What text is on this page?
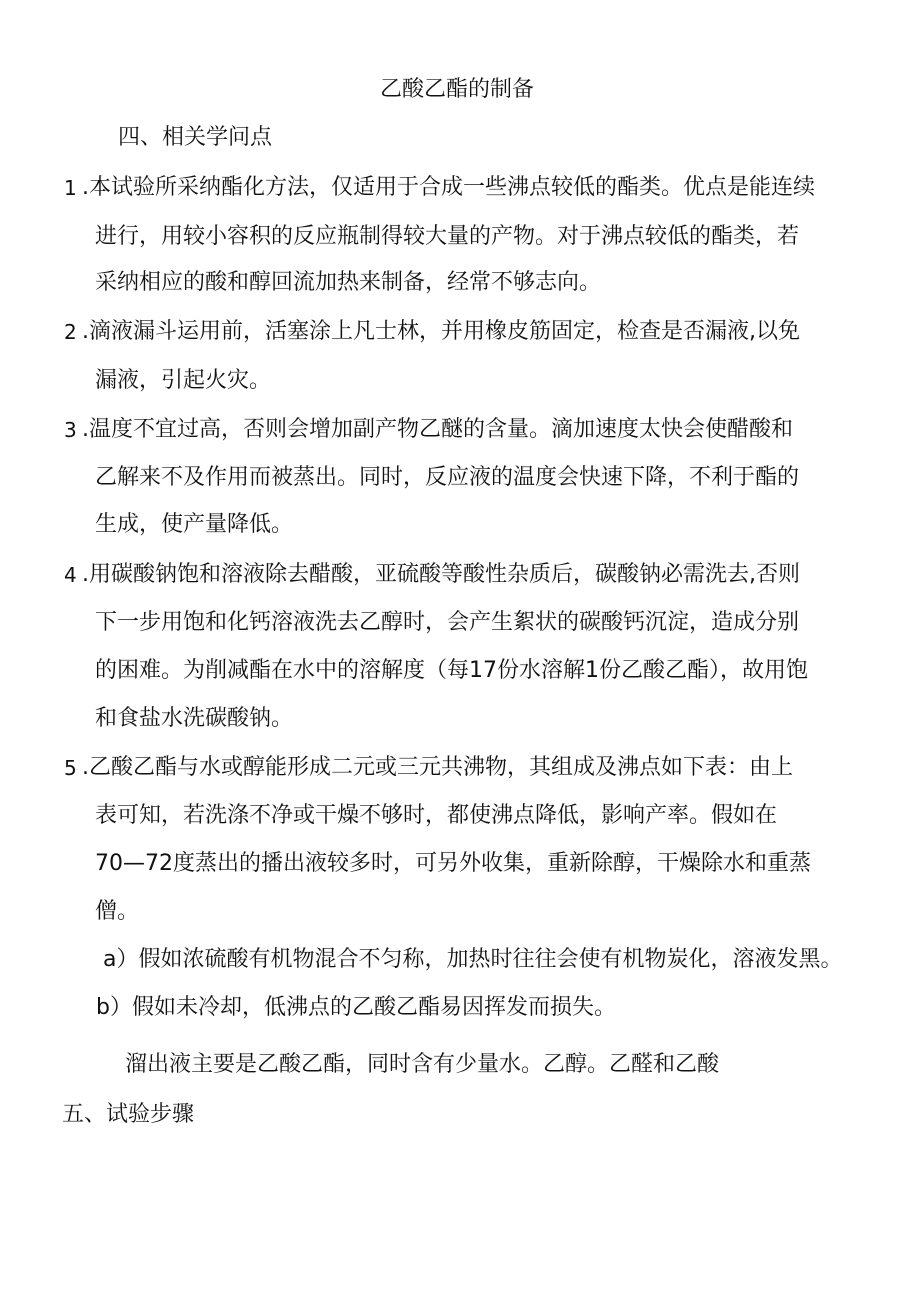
乙酸乙酯的制备
四、相关学问点
1 .本试验所采纳酯化方法，仅适用于合成一些沸点较低的酯类。优点是能连续
进行，用较小容积的反应瓶制得较大量的产物。对于沸点较低的酯类，若
采纳相应的酸和醇回流加热来制备，经常不够志向。
2 .滴液漏斗运用前，活塞涂上凡士林，并用橡皮筋固定，检查是否漏液,以免
漏液，引起火灾。
3 .温度不宜过高，否则会增加副产物乙醚的含量。滴加速度太快会使醋酸和
乙解来不及作用而被蒸出。同时，反应液的温度会快速下降，不利于酯的
生成，使产量降低。
4 .用碳酸钠饱和溶液除去醋酸，亚硫酸等酸性杂质后，碳酸钠必需洗去,否则
下一步用饱和化钙溶液洗去乙醇时，会产生絮状的碳酸钙沉淀，造成分别
的困难。为削减酯在水中的溶解度（每17份水溶解1份乙酸乙酯），故用饱
和食盐水洗碳酸钠。
5 .乙酸乙酯与水或醇能形成二元或三元共沸物，其组成及沸点如下表：由上
表可知，若洗涤不净或干燥不够时，都使沸点降低，影响产率。假如在
70—72度蒸出的播出液较多时，可另外收集，重新除醇，干燥除水和重蒸
僧。
a）假如浓硫酸有机物混合不匀称，加热时往往会使有机物炭化，溶液发黑。
b）假如未冷却，低沸点的乙酸乙酯易因挥发而损失。
溜出液主要是乙酸乙酯，同时含有少量水。乙醇。乙醛和乙酸
五、试验步骤
